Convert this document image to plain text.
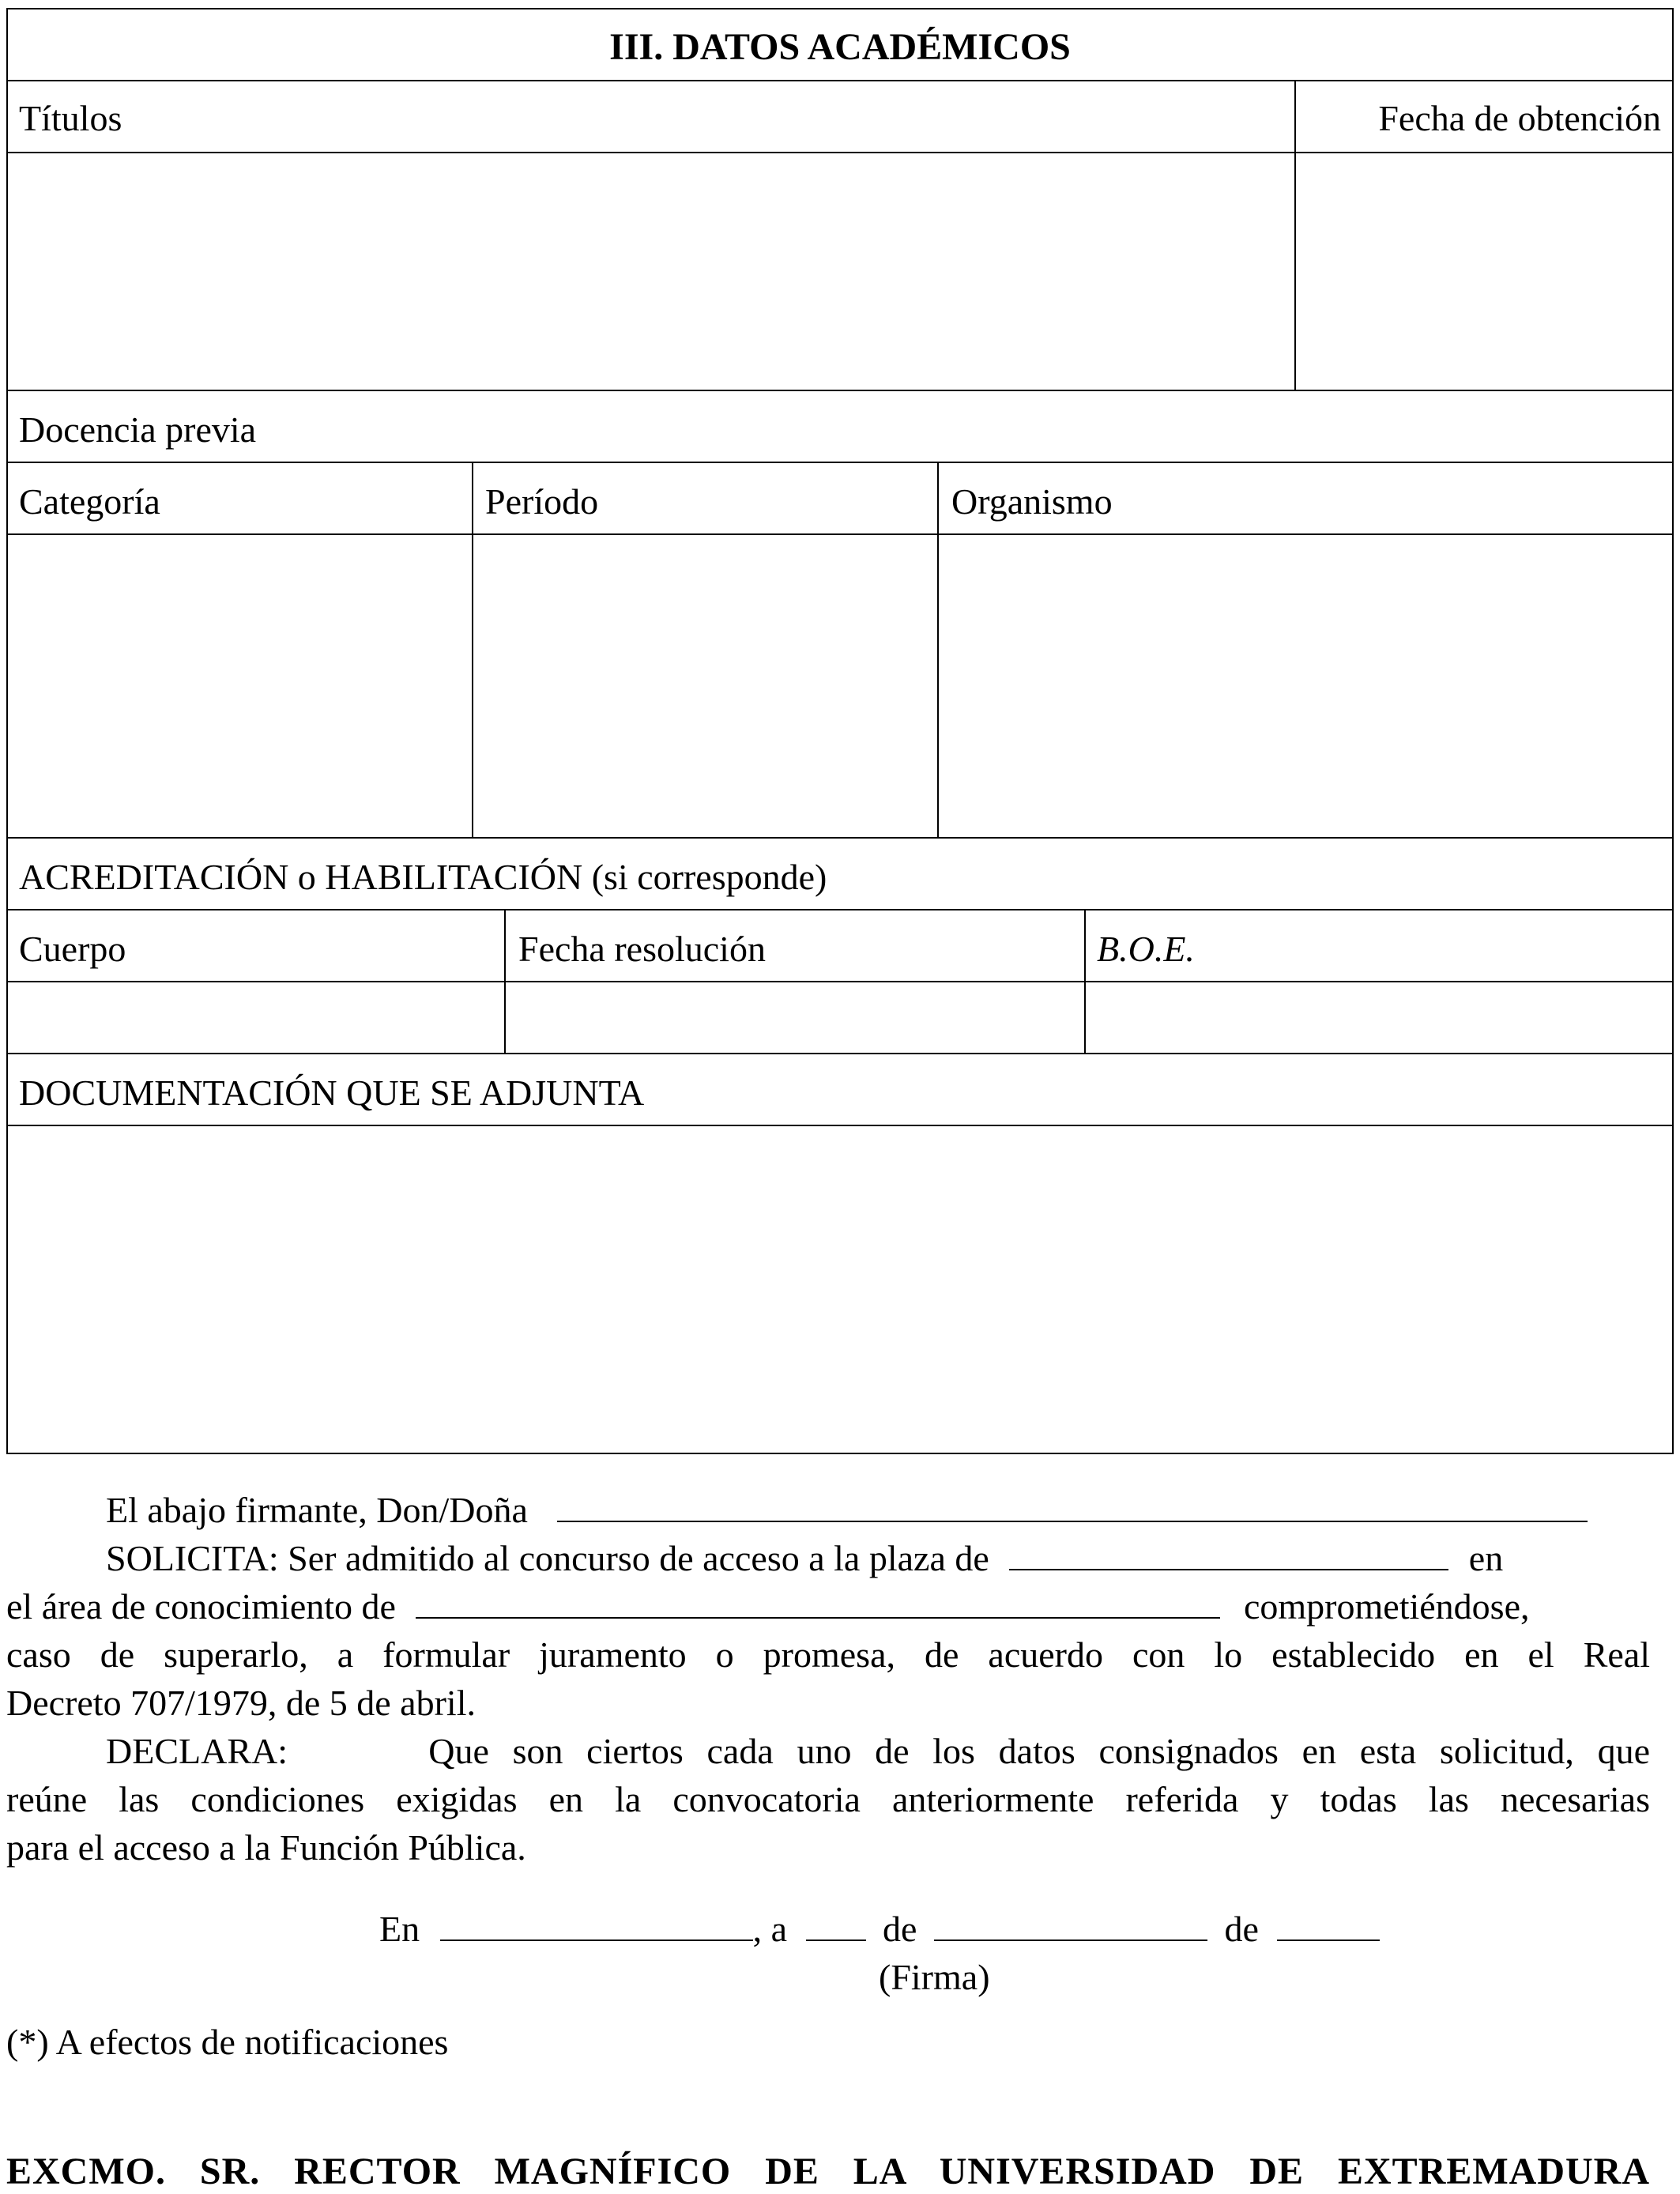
III. DATOS ACADÉMICOS
Títulos	Fecha de obtención
Docencia previa
Categoría	Período	Organismo
ACREDITACIÓN o HABILITACIÓN (si corresponde)
Cuerpo	Fecha resolución	B.O.E.
DOCUMENTACIÓN QUE SE ADJUNTA
El abajo firmante, Don/Doña
SOLICITA: Ser admitido al concurso de acceso a la plaza de	en
el área de conocimiento de	comprometiéndose,
caso de superarlo, a formular juramento o promesa, de acuerdo con lo establecido en el Real
Decreto 707/1979, de 5 de abril.
DECLARA:      Que son ciertos cada uno de los datos consignados en esta solicitud, que
reúne las condiciones exigidas en la convocatoria anteriormente referida y todas las necesarias
para el acceso a la Función Pública.
En	, a	de	de
(Firma)
(*) A efectos de notificaciones
EXCMO. SR. RECTOR MAGNÍFICO DE LA UNIVERSIDAD DE EXTREMADURA
